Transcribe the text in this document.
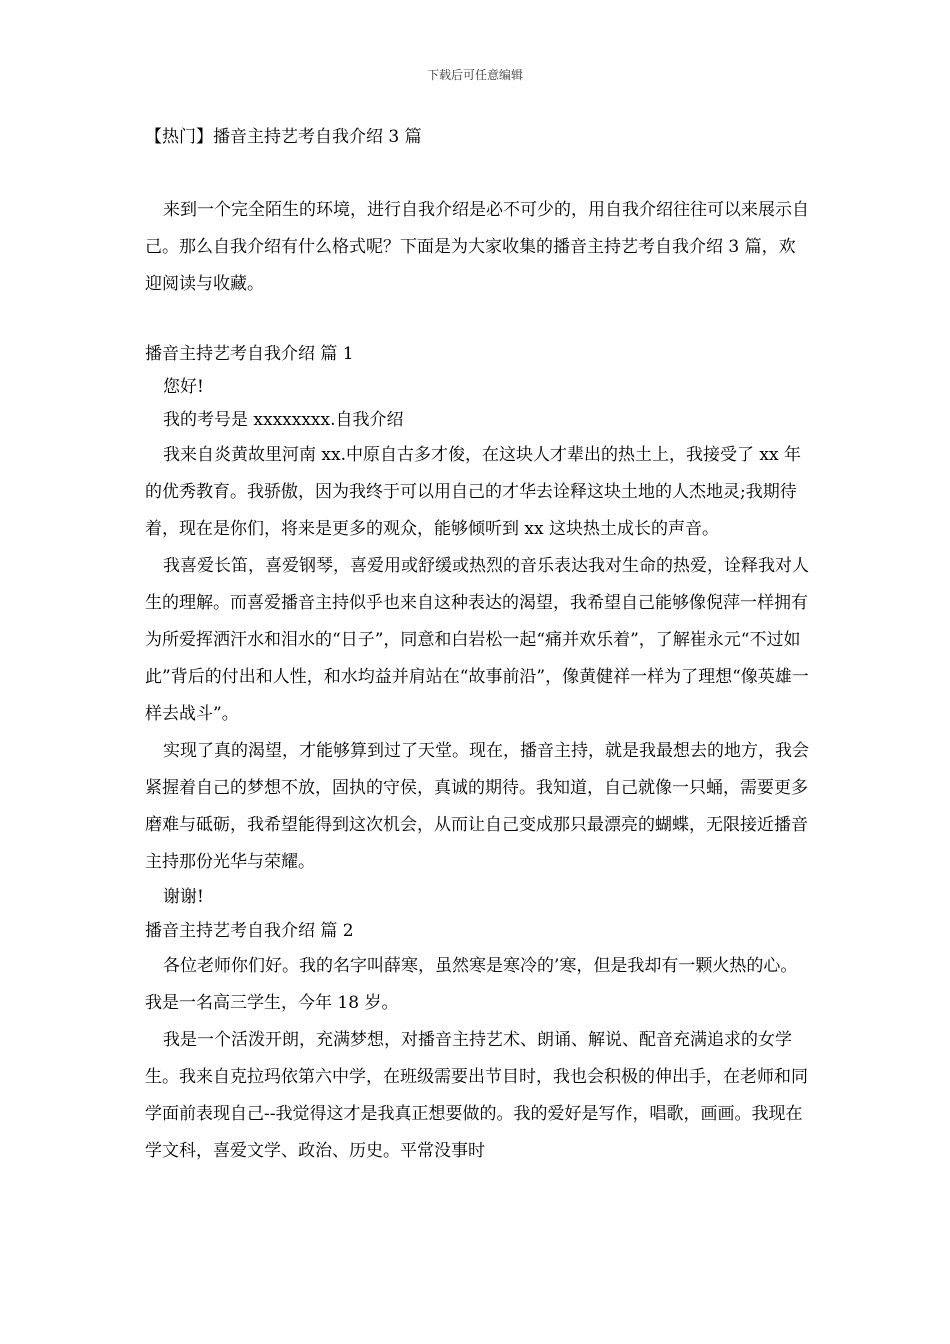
下载后可任意编辑

【热门】播音主持艺考自我介绍 3 篇

来到一个完全陌生的环境，进行自我介绍是必不可少的，用自我介绍往往可以来展示自己。那么自我介绍有什么格式呢？下面是为大家收集的播音主持艺考自我介绍 3 篇，欢迎阅读与收藏。

播音主持艺考自我介绍 篇 1

您好!

我的考号是 xxxxxxxx.自我介绍

我来自炎黄故里河南 xx.中原自古多才俊，在这块人才辈出的热土上，我接受了 xx 年的优秀教育。我骄傲，因为我终于可以用自己的才华去诠释这块土地的人杰地灵;我期待着，现在是你们，将来是更多的观众，能够倾听到 xx 这块热土成长的声音。

我喜爱长笛，喜爱钢琴，喜爱用或舒缓或热烈的音乐表达我对生命的热爱，诠释我对人生的理解。而喜爱播音主持似乎也来自这种表达的渴望，我希望自己能够像倪萍一样拥有为所爱挥洒汗水和泪水的“日子”，同意和白岩松一起“痛并欢乐着”，了解崔永元“不过如此”背后的付出和人性，和水均益并肩站在“故事前沿”，像黄健祥一样为了理想“像英雄一样去战斗”。

实现了真的渴望，才能够算到过了天堂。现在，播音主持，就是我最想去的地方，我会紧握着自己的梦想不放，固执的守侯，真诚的期待。我知道，自己就像一只蛹，需要更多磨难与砥砺，我希望能得到这次机会，从而让自己变成那只最漂亮的蝴蝶，无限接近播音主持那份光华与荣耀。

谢谢!

播音主持艺考自我介绍 篇 2

各位老师你们好。我的名字叫薛寒，虽然寒是寒冷的’寒，但是我却有一颗火热的心。我是一名高三学生，今年 18 岁。

我是一个活泼开朗，充满梦想，对播音主持艺术、朗诵、解说、配音充满追求的女学生。我来自克拉玛依第六中学，在班级需要出节目时，我也会积极的伸出手，在老师和同学面前表现自己--我觉得这才是我真正想要做的。我的爱好是写作，唱歌，画画。我现在学文科，喜爱文学、政治、历史。平常没事时
